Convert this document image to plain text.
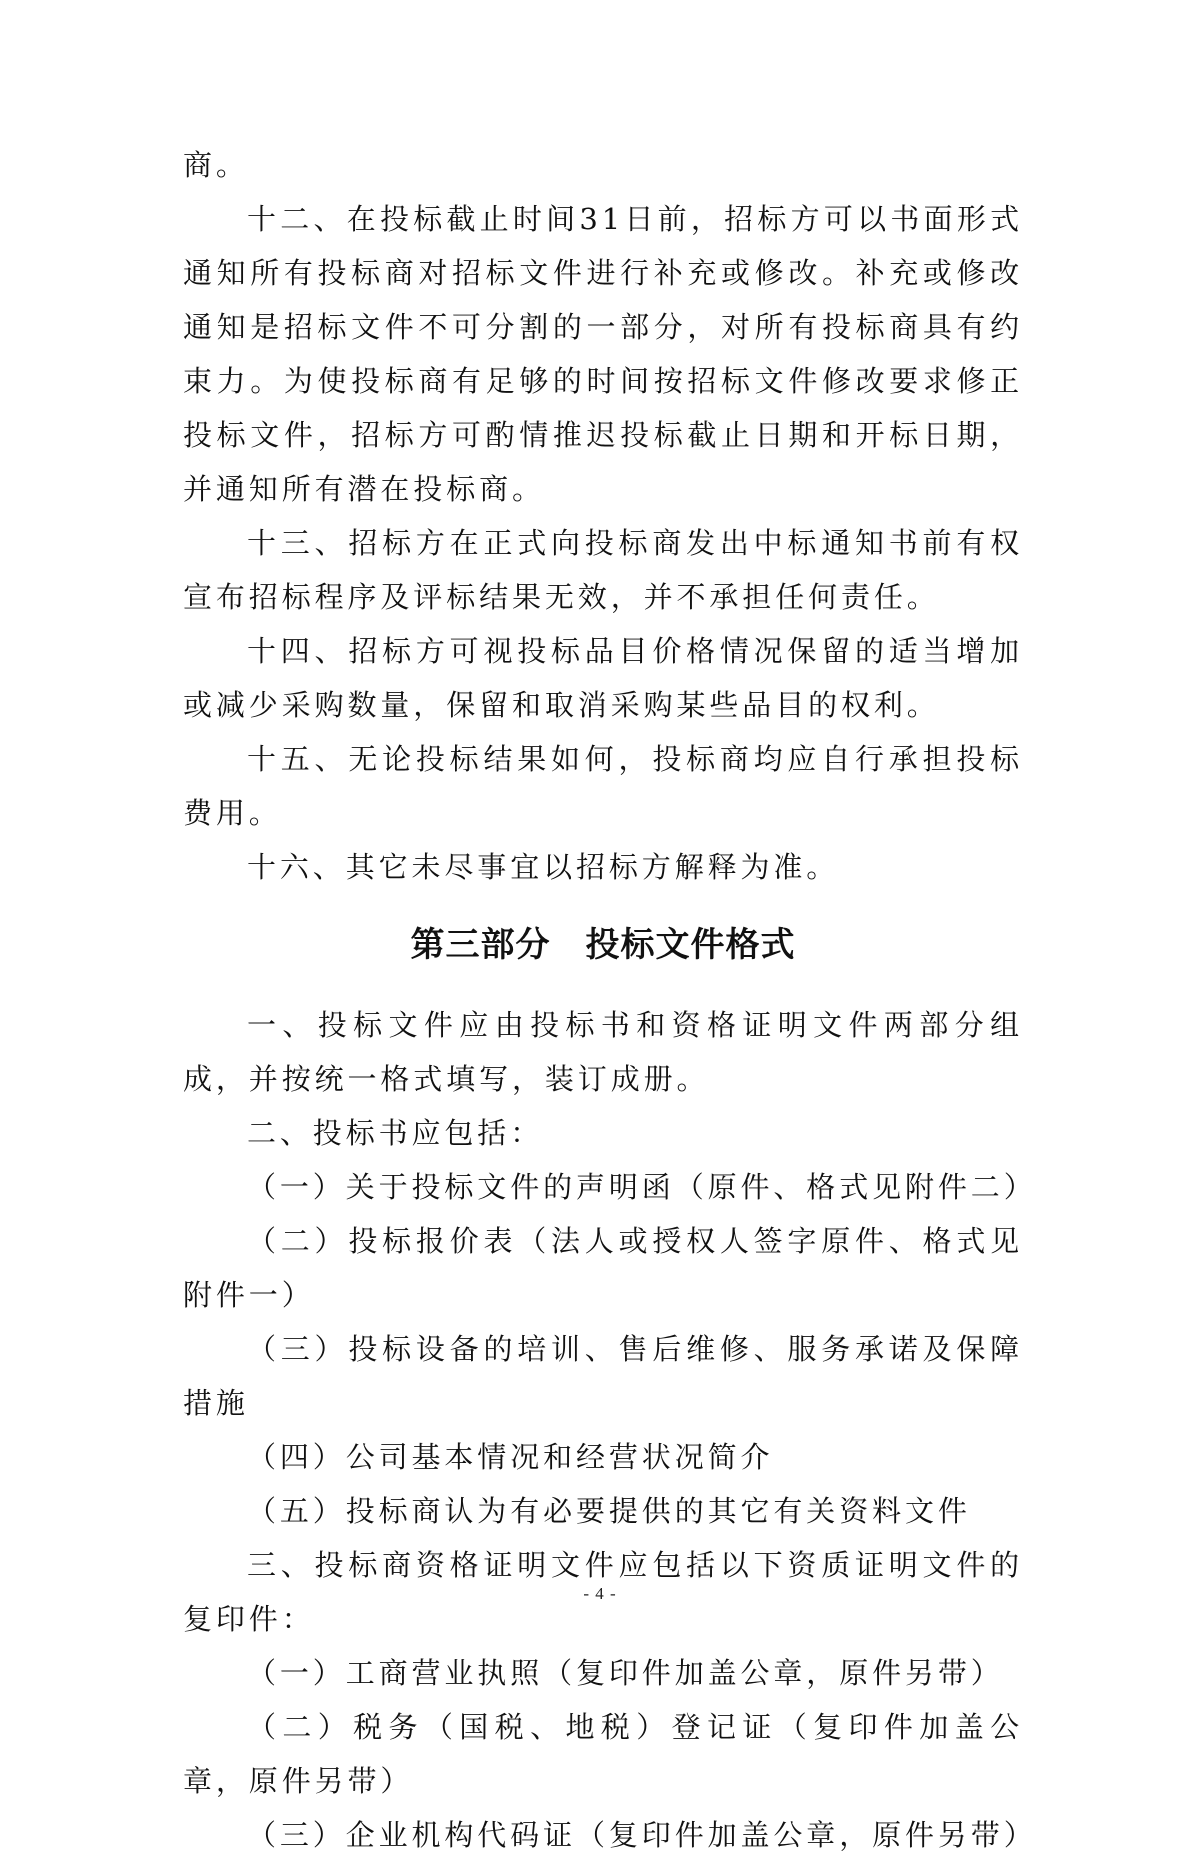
商。

十二、在投标截止时间31日前，招标方可以书面形式通知所有投标商对招标文件进行补充或修改。补充或修改通知是招标文件不可分割的一部分，对所有投标商具有约束力。为使投标商有足够的时间按招标文件修改要求修正投标文件，招标方可酌情推迟投标截止日期和开标日期，并通知所有潜在投标商。

十三、招标方在正式向投标商发出中标通知书前有权宣布招标程序及评标结果无效，并不承担任何责任。

十四、招标方可视投标品目价格情况保留的适当增加或减少采购数量，保留和取消采购某些品目的权利。

十五、无论投标结果如何，投标商均应自行承担投标费用。

十六、其它未尽事宜以招标方解释为准。

第三部分　投标文件格式

一、投标文件应由投标书和资格证明文件两部分组成，并按统一格式填写，装订成册。

二、投标书应包括：

（一）关于投标文件的声明函（原件、格式见附件二）

（二）投标报价表（法人或授权人签字原件、格式见附件一）

（三）投标设备的培训、售后维修、服务承诺及保障措施

（四）公司基本情况和经营状况简介

（五）投标商认为有必要提供的其它有关资料文件

三、投标商资格证明文件应包括以下资质证明文件的复印件：

（一）工商营业执照（复印件加盖公章，原件另带）

（二）税务（国税、地税）登记证（复印件加盖公章，原件另带）

（三）企业机构代码证（复印件加盖公章，原件另带）

- 4 -
